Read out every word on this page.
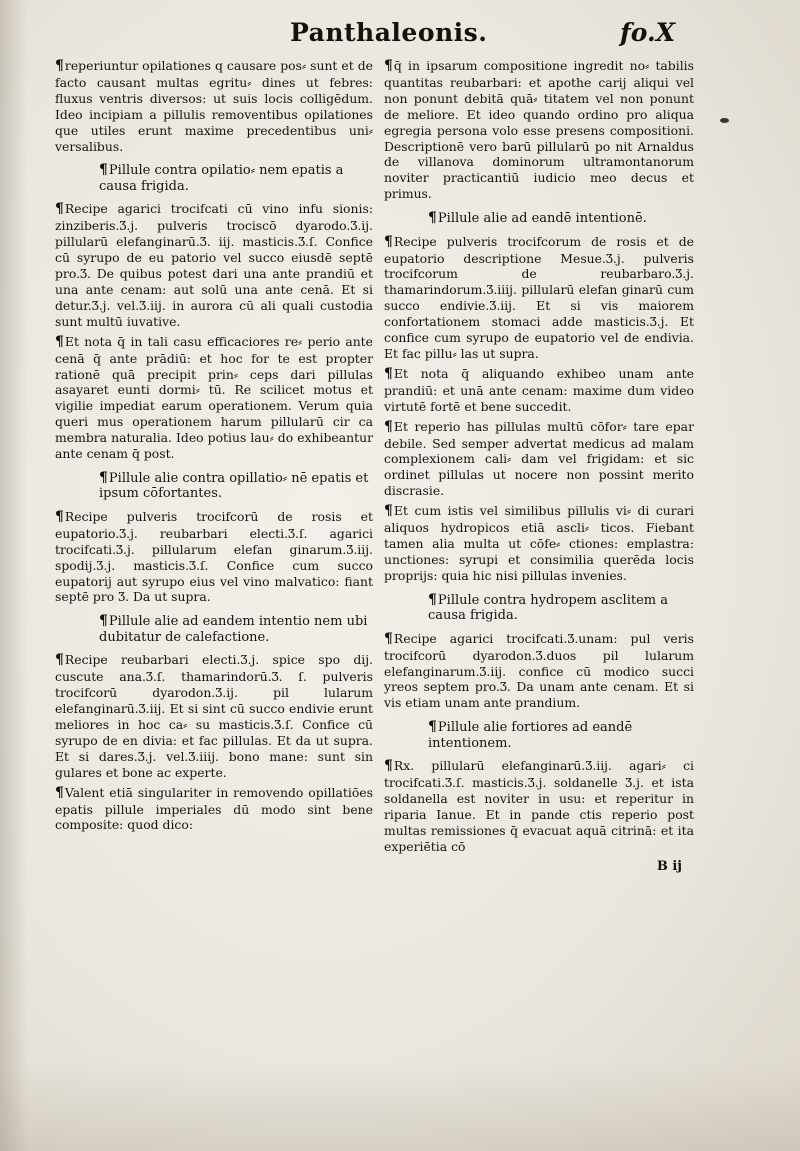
Panthaleonis.	fo.X
¶reperiuntur opilationes q causare pos⸗ sunt et de facto causant multas egritu⸗ dines ut febres: fluxus ventris diversos: ut suis locis colligēdum. Ideo incipiam a pillulis removentibus opilationes que utiles erunt maxime precedentibus uni⸗ versalibus.
¶Pillule contra opilatio⸗ nem epatis a causa frigida.
¶Recipe agarici trocifcati cū vino infu sionis: zinziberis.Ʒ.j. pulveris trociscō dyarodo.Ʒ.ij. pillularū elefanginarū.Ʒ. iij. masticis.Ʒ.ſ. Confice cū syrupo de eu patorio vel succo eiusdē septē pro.Ʒ. De quibus potest dari una ante prandiū et una ante cenam: aut solū una ante cenā. Et si detur.Ʒ.j. vel.Ʒ.iij. in aurora cū ali quali custodia sunt multū iuvative.
¶Et nota q̄ in tali casu efficaciores re⸗ perio ante cenā q̄ ante prādiū: et hoc for te est propter rationē quā precipit prin⸗ ceps dari pillulas asayaret eunti dormi⸗ tū. Re scilicet motus et vigilie impediat earum operationem. Verum quia queri mus operationem harum pillularū cir ca membra naturalia. Ideo potius lau⸗ do exhibeantur ante cenam q̄ post.
¶Pillule alie contra opillatio⸗ nē epatis et ipsum cōfortantes.
¶Recipe pulveris trocifcorū de rosis et eupatorio.Ʒ.j. reubarbari electi.Ʒ.ſ. agarici trocifcati.Ʒ.j. pillularum elefan ginarum.Ʒ.iij. spodij.Ʒ.j. masticis.Ʒ.ſ. Confice cum succo eupatorij aut syrupo eius vel vino malvatico: fiant septē pro Ʒ. Da ut supra.
¶Pillule alie ad eandem intentio nem ubi dubitatur de calefactione.
¶Recipe reubarbari electi.Ʒ.j. spice spo dij. cuscute ana.Ʒ.ſ. thamarindorū.Ʒ. ſ. pulveris trocifcorū dyarodon.Ʒ.ij. pil lularum elefanginarū.Ʒ.iij. Et si sint cū succo endivie erunt meliores in hoc ca⸗ su masticis.Ʒ.ſ. Confice cū syrupo de en divia: et fac pillulas. Et da ut supra. Et si dares.Ʒ.j. vel.Ʒ.iiij. bono mane: sunt sin gulares et bone ac experte.
¶Valent etiā singulariter in removendo opillatiōes epatis pillule imperiales dū modo sint bene composite: quod dico:
¶q̄ in ipsarum compositione ingredit no⸗ tabilis quantitas reubarbari: et apothe carij aliqui vel non ponunt debitā quā⸗ titatem vel non ponunt de meliore. Et ideo quando ordino pro aliqua egregia persona volo esse presens compositioni. Descriptionē vero barū pillularū po nit Arnaldus de villanova dominorum ultramontanorum noviter practicantiū iudicio meo decus et primus.
¶Pillule alie ad eandē intentionē.
¶Recipe pulveris trocifcorum de rosis et de eupatorio descriptione Mesue.Ʒ.j. pulveris trocifcorum de reubarbaro.Ʒ.j. thamarindorum.Ʒ.iiij. pillularū elefan ginarū cum succo endivie.Ʒ.iij. Et si vis maiorem confortationem stomaci adde masticis.Ʒ.j. Et confice cum syrupo de eupatorio vel de endivia. Et fac pillu⸗ las ut supra.
¶Et nota q̄ aliquando exhibeo unam ante prandiū: et unā ante cenam: maxime dum video virtutē fortē et bene succedit.
¶Et reperio has pillulas multū cōfor⸗ tare epar debile. Sed semper advertat medicus ad malam complexionem cali⸗ dam vel frigidam: et sic ordinet pillulas ut nocere non possint merito discrasie.
¶Et cum istis vel similibus pillulis vi⸗ di curari aliquos hydropicos etiā ascli⸗ ticos. Fiebant tamen alia multa ut cōfe⸗ ctiones: emplastra: unctiones: syrupi et consimilia querēda locis proprijs: quia hic nisi pillulas invenies.
¶Pillule contra hydropem asclitem a causa frigida.
¶Recipe agarici trocifcati.Ʒ.unam: pul veris trocifcorū dyarodon.Ʒ.duos pil lularum elefanginarum.Ʒ.iij. confice cū modico succi yreos septem pro.Ʒ. Da unam ante cenam. Et si vis etiam unam ante prandium.
¶Pillule alie fortiores ad eandē intentionem.
¶Rx. pillularū elefanginarū.Ʒ.iij. agari⸗ ci trocifcati.Ʒ.ſ. masticis.Ʒ.j. soldanelle Ʒ.j. et ista soldanella est noviter in usu: et reperitur in riparia Ianue. Et in pande ctis reperio post multas remissiones q̄ evacuat aquā citrinā: et ita experiētia cō
B ij
